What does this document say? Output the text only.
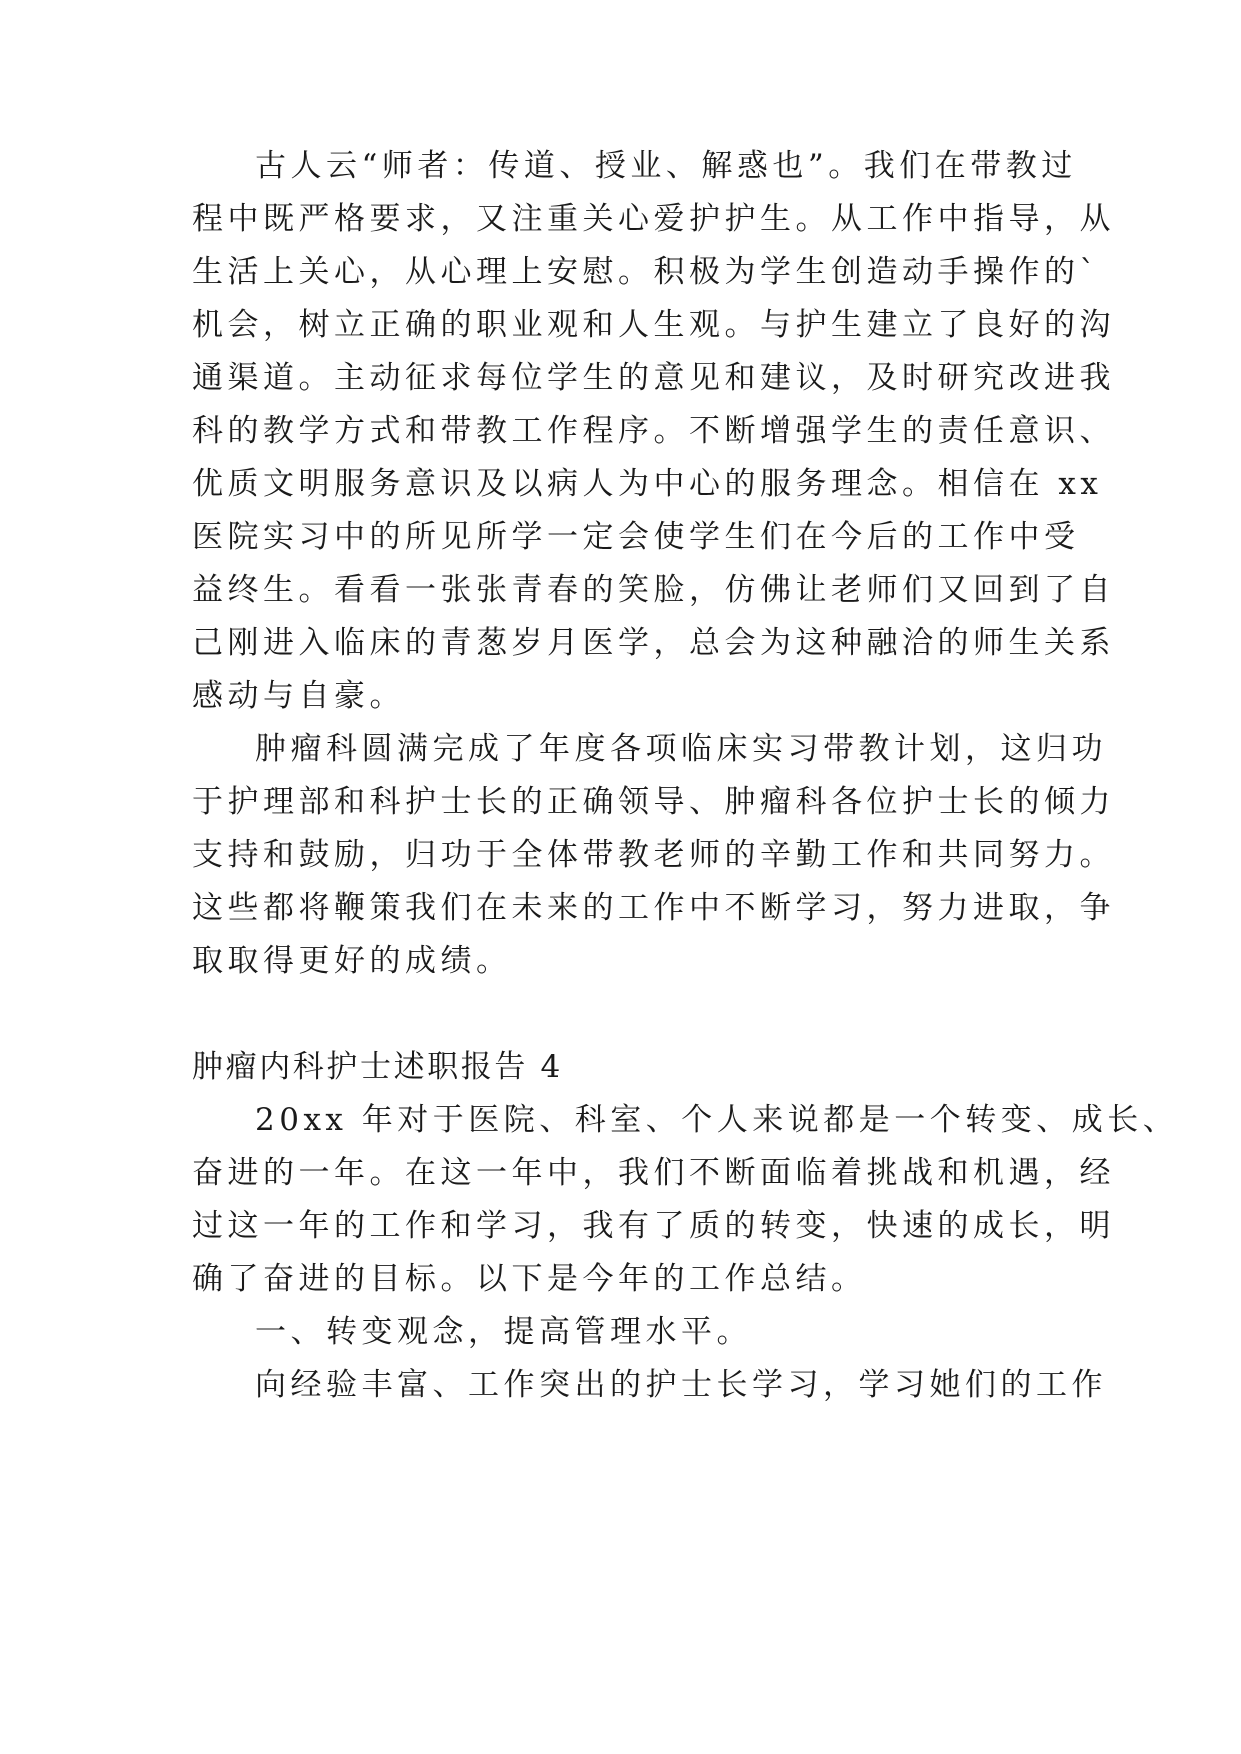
古人云“师者：传道、授业、解惑也”。我们在带教过
程中既严格要求，又注重关心爱护护生。从工作中指导，从
生活上关心，从心理上安慰。积极为学生创造动手操作的`
机会，树立正确的职业观和人生观。与护生建立了良好的沟
通渠道。主动征求每位学生的意见和建议，及时研究改进我
科的教学方式和带教工作程序。不断增强学生的责任意识、
优质文明服务意识及以病人为中心的服务理念。相信在 xx
医院实习中的所见所学一定会使学生们在今后的工作中受
益终生。看看一张张青春的笑脸，仿佛让老师们又回到了自
己刚进入临床的青葱岁月医学，总会为这种融洽的师生关系
感动与自豪。
肿瘤科圆满完成了年度各项临床实习带教计划，这归功
于护理部和科护士长的正确领导、肿瘤科各位护士长的倾力
支持和鼓励，归功于全体带教老师的辛勤工作和共同努力。
这些都将鞭策我们在未来的工作中不断学习，努力进取，争
取取得更好的成绩。
肿瘤内科护士述职报告 4
20xx 年对于医院、科室、个人来说都是一个转变、成长、
奋进的一年。在这一年中，我们不断面临着挑战和机遇，经
过这一年的工作和学习，我有了质的转变，快速的成长，明
确了奋进的目标。以下是今年的工作总结。
一、转变观念，提高管理水平。
向经验丰富、工作突出的护士长学习，学习她们的工作
